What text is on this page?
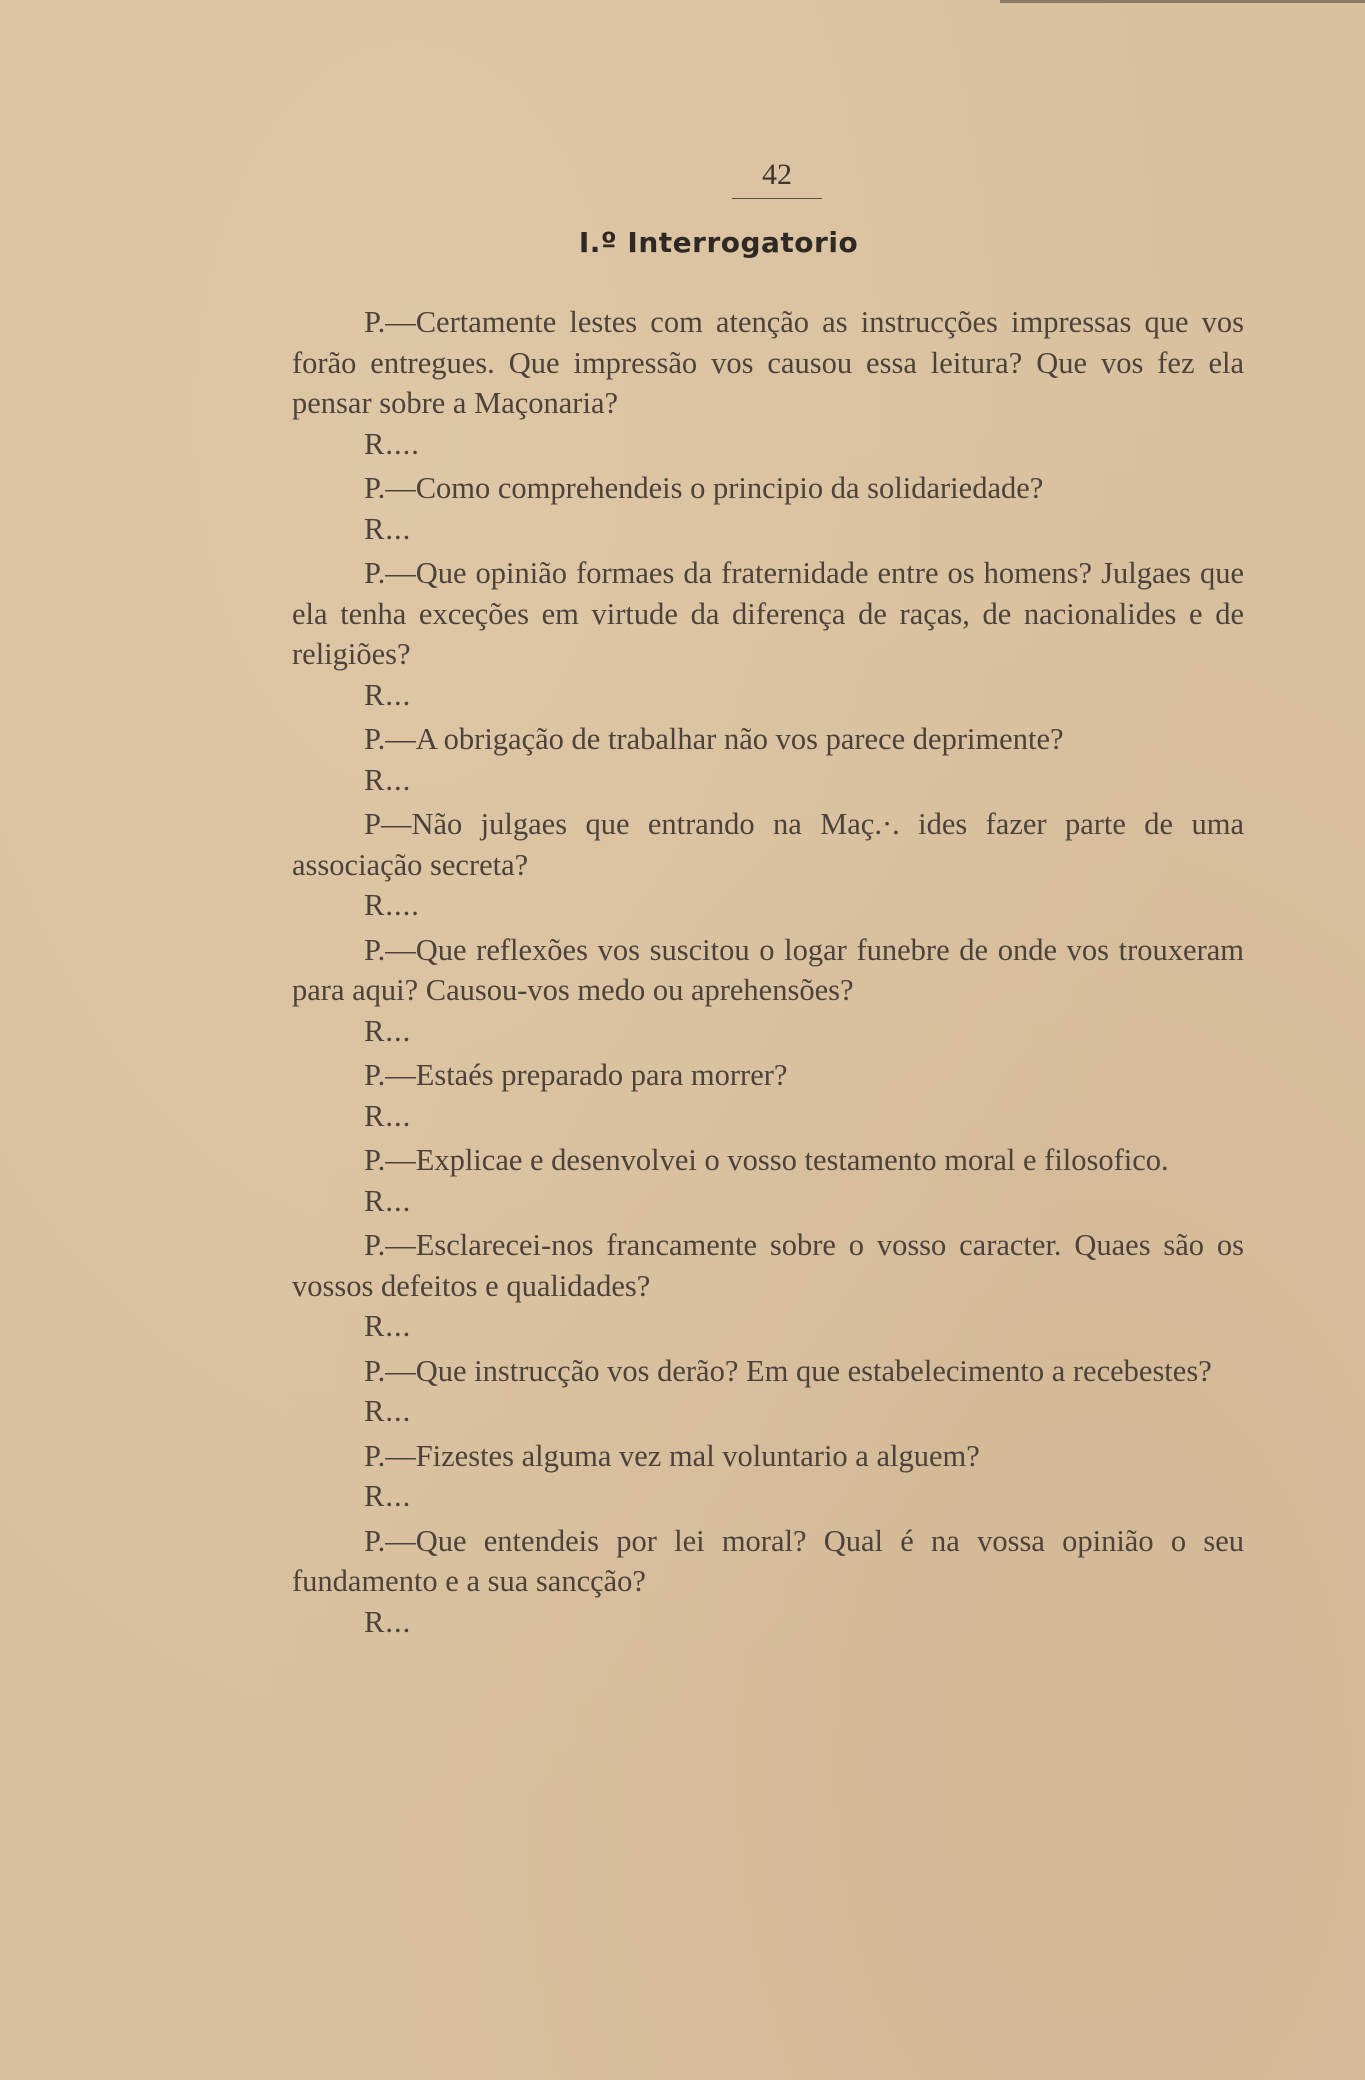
42
I.º Interrogatorio

P.—Certamente lestes com atenção as instrucções impressas que vos forão entregues. Que impressão vos causou essa leitura? Que vos fez ela pensar sobre a Maçonaria?

R....

P.—Como comprehendeis o principio da solidariedade?

R...

P.—Que opinião formaes da fraternidade entre os homens? Julgaes que ela tenha exceções em virtude da diferença de raças, de nacionalides e de religiões?

R...

P.—A obrigação de trabalhar não vos parece deprimente?

R...

P—Não julgaes que entrando na Maç.·. ides fazer parte de uma associação secreta?

R....

P.—Que reflexões vos suscitou o logar funebre de onde vos trouxeram para aqui? Causou-vos medo ou aprehensões?

R...

P.—Estaés preparado para morrer?

R...

P.—Explicae e desenvolvei o vosso testamento moral e filosofico.

R...

P.—Esclarecei-nos francamente sobre o vosso caracter. Quaes são os vossos defeitos e qualidades?

R...

P.—Que instrucção vos derão? Em que estabelecimento a recebestes?

R...

P.—Fizestes alguma vez mal voluntario a alguem?

R...

P.—Que entendeis por lei moral? Qual é na vossa opinião o seu fundamento e a sua sancção?

R...
